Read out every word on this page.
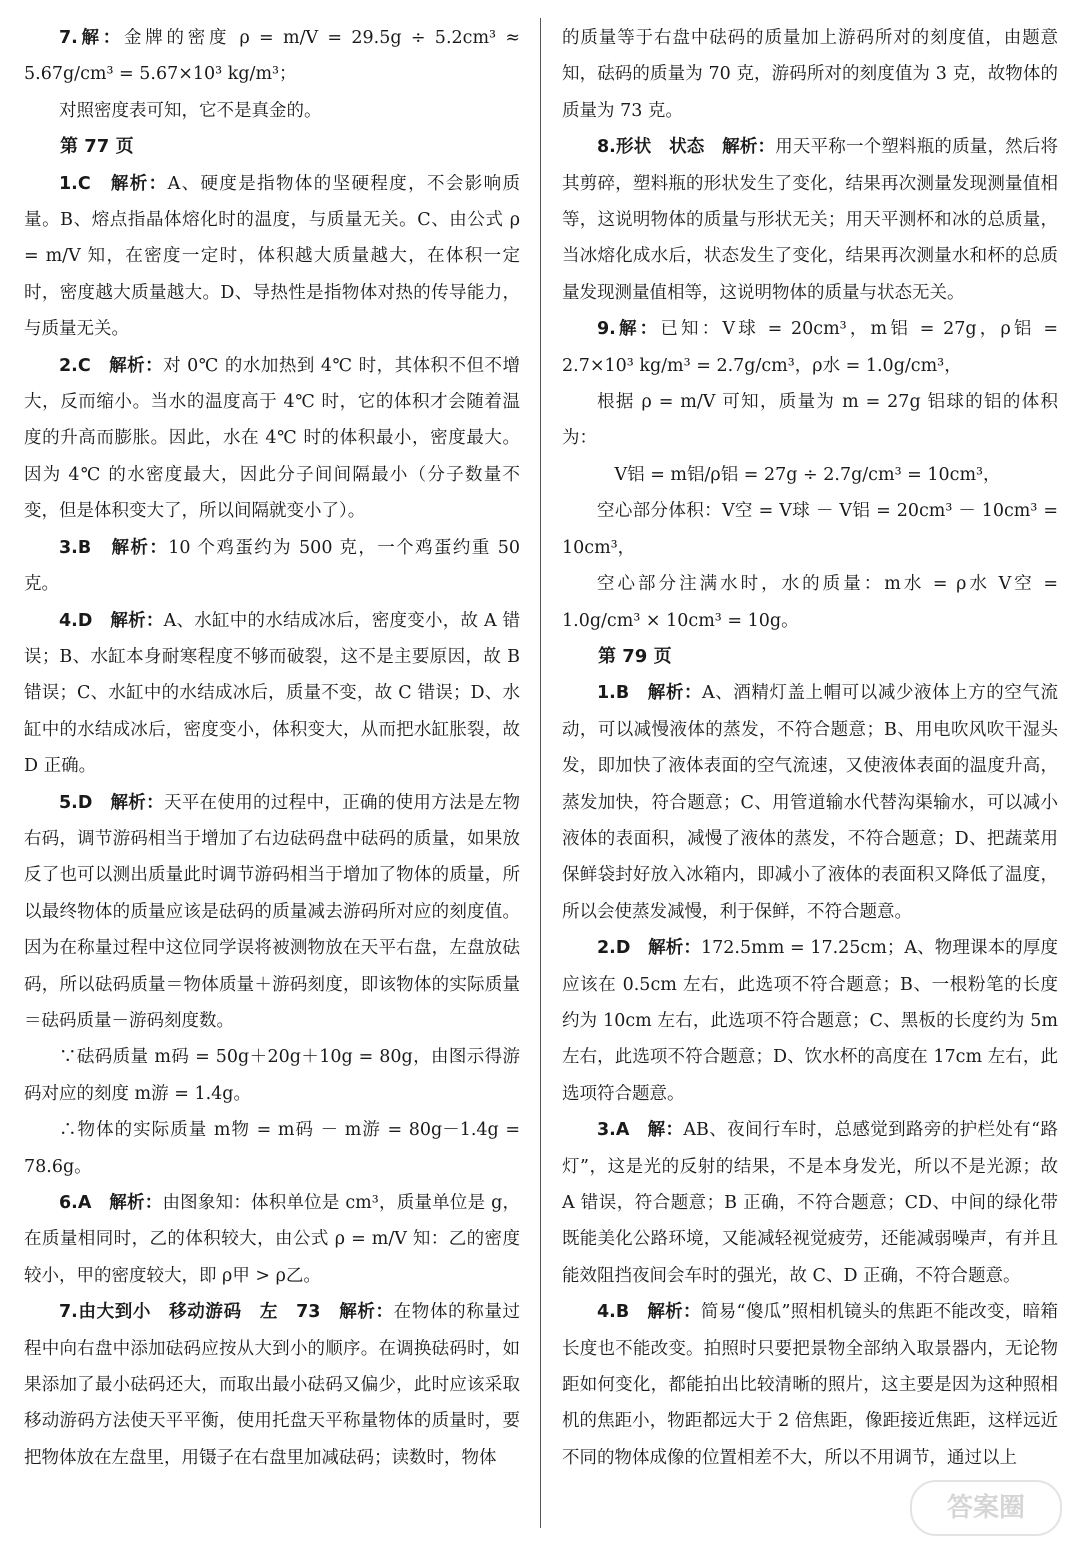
7.解：金牌的密度 ρ = m/V = 29.5g ÷ 5.2cm³ ≈ 5.67g/cm³ = 5.67×10³ kg/m³；

对照密度表可知，它不是真金的。

第 77 页

1.C　解析：A、硬度是指物体的坚硬程度，不会影响质量。B、熔点指晶体熔化时的温度，与质量无关。C、由公式 ρ = m/V 知，在密度一定时，体积越大质量越大，在体积一定时，密度越大质量越大。D、导热性是指物体对热的传导能力，与质量无关。

2.C　解析：对 0℃ 的水加热到 4℃ 时，其体积不但不增大，反而缩小。当水的温度高于 4℃ 时，它的体积才会随着温度的升高而膨胀。因此，水在 4℃ 时的体积最小，密度最大。因为 4℃ 的水密度最大，因此分子间间隔最小（分子数量不变，但是体积变大了，所以间隔就变小了）。

3.B　解析：10 个鸡蛋约为 500 克，一个鸡蛋约重 50 克。

4.D　解析：A、水缸中的水结成冰后，密度变小，故 A 错误；B、水缸本身耐寒程度不够而破裂，这不是主要原因，故 B 错误；C、水缸中的水结成冰后，质量不变，故 C 错误；D、水缸中的水结成冰后，密度变小，体积变大，从而把水缸胀裂，故 D 正确。

5.D　解析：天平在使用的过程中，正确的使用方法是左物右码，调节游码相当于增加了右边砝码盘中砝码的质量，如果放反了也可以测出质量此时调节游码相当于增加了物体的质量，所以最终物体的质量应该是砝码的质量减去游码所对应的刻度值。因为在称量过程中这位同学误将被测物放在天平右盘，左盘放砝码，所以砝码质量＝物体质量＋游码刻度，即该物体的实际质量＝砝码质量－游码刻度数。

∵砝码质量 m码 = 50g＋20g＋10g = 80g，由图示得游码对应的刻度 m游 = 1.4g。

∴物体的实际质量 m物 = m码 － m游 = 80g－1.4g = 78.6g。

6.A　解析：由图象知：体积单位是 cm³，质量单位是 g，在质量相同时，乙的体积较大，由公式 ρ = m/V 知：乙的密度较小，甲的密度较大，即 ρ甲 > ρ乙。

7.由大到小　移动游码　左　73　解析：在物体的称量过程中向右盘中添加砝码应按从大到小的顺序。在调换砝码时，如果添加了最小砝码还大，而取出最小砝码又偏少，此时应该采取移动游码方法使天平平衡，使用托盘天平称量物体的质量时，要把物体放在左盘里，用镊子在右盘里加减砝码；读数时，物体

的质量等于右盘中砝码的质量加上游码所对的刻度值，由题意知，砝码的质量为 70 克，游码所对的刻度值为 3 克，故物体的质量为 73 克。

8.形状　状态　解析：用天平称一个塑料瓶的质量，然后将其剪碎，塑料瓶的形状发生了变化，结果再次测量发现测量值相等，这说明物体的质量与形状无关；用天平测杯和冰的总质量，当冰熔化成水后，状态发生了变化，结果再次测量水和杯的总质量发现测量值相等，这说明物体的质量与状态无关。

9.解：已知：V球 = 20cm³，m铝 = 27g，ρ铝 = 2.7×10³ kg/m³ = 2.7g/cm³，ρ水 = 1.0g/cm³，

根据 ρ = m/V 可知，质量为 m = 27g 铝球的铝的体积为：

V铝 = m铝/ρ铝 = 27g ÷ 2.7g/cm³ = 10cm³，

空心部分体积：V空 = V球 － V铝 = 20cm³ － 10cm³ = 10cm³，

空心部分注满水时，水的质量：m水 = ρ水 V空 = 1.0g/cm³ × 10cm³ = 10g。

第 79 页

1.B　解析：A、酒精灯盖上帽可以减少液体上方的空气流动，可以减慢液体的蒸发，不符合题意；B、用电吹风吹干湿头发，即加快了液体表面的空气流速，又使液体表面的温度升高，蒸发加快，符合题意；C、用管道输水代替沟渠输水，可以减小液体的表面积，减慢了液体的蒸发，不符合题意；D、把蔬菜用保鲜袋封好放入冰箱内，即减小了液体的表面积又降低了温度，所以会使蒸发减慢，利于保鲜，不符合题意。

2.D　解析：172.5mm = 17.25cm；A、物理课本的厚度应该在 0.5cm 左右，此选项不符合题意；B、一根粉笔的长度约为 10cm 左右，此选项不符合题意；C、黑板的长度约为 5m 左右，此选项不符合题意；D、饮水杯的高度在 17cm 左右，此选项符合题意。

3.A　解：AB、夜间行车时，总感觉到路旁的护栏处有“路灯”，这是光的反射的结果，不是本身发光，所以不是光源；故 A 错误，符合题意；B 正确，不符合题意；CD、中间的绿化带既能美化公路环境，又能减轻视觉疲劳，还能减弱噪声，有并且能效阻挡夜间会车时的强光，故 C、D 正确，不符合题意。

4.B　解析：简易“傻瓜”照相机镜头的焦距不能改变，暗箱长度也不能改变。拍照时只要把景物全部纳入取景器内，无论物距如何变化，都能拍出比较清晰的照片，这主要是因为这种照相机的焦距小，物距都远大于 2 倍焦距，像距接近焦距，这样远近不同的物体成像的位置相差不大，所以不用调节，通过以上

答案圈
